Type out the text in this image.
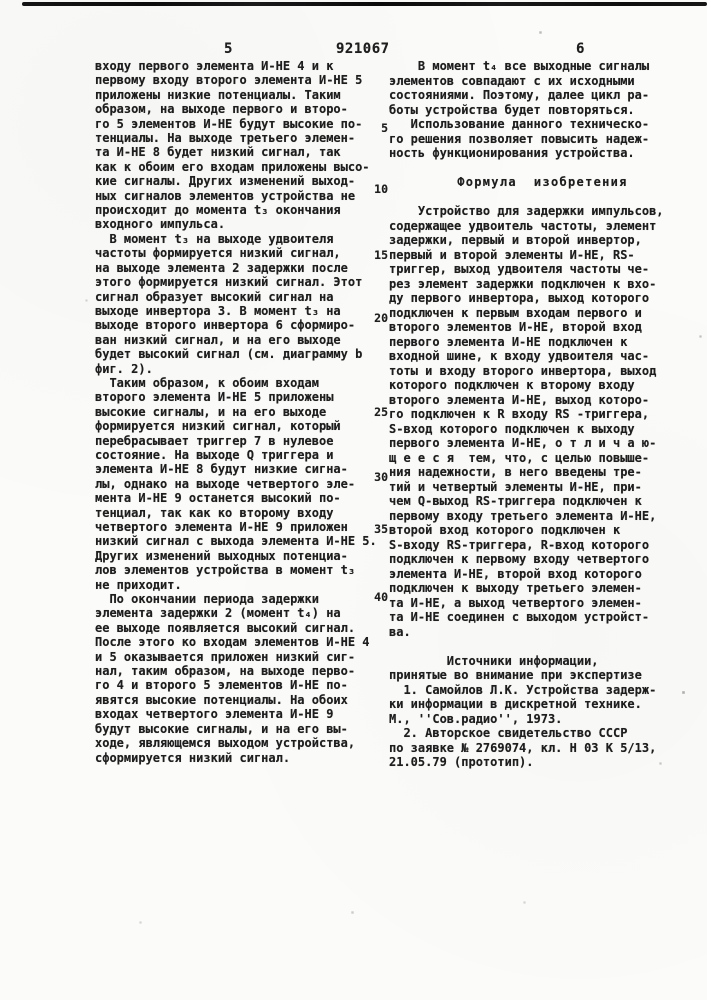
5	921067	6
входу первого элемента И-НЕ 4 и к
первому входу второго элемента И-НЕ 5
приложены низкие потенциалы. Таким
образом, на выходе первого и второ-
го 5 элементов И-НЕ будут высокие по-
тенциалы. На выходе третьего элемен-
та И-НЕ 8 будет низкий сигнал, так
как к обоим его входам приложены высо-
кие сигналы. Других изменений выход-
ных сигналов элементов устройства не
происходит до момента t₃ окончания
входного импульса.
В момент t₃ на выходе удвоителя
частоты формируется низкий сигнал,
на выходе элемента 2 задержки после
этого формируется низкий сигнал. Этот
сигнал образует высокий сигнал на
выходе инвертора 3. В момент t₃ на
выходе второго инвертора 6 сформиро-
ван низкий сигнал, и на его выходе
будет высокий сигнал (см. диаграмму b
фиг. 2).
Таким образом, к обоим входам
второго элемента И-НЕ 5 приложены
высокие сигналы, и на его выходе
формируется низкий сигнал, который
перебрасывает триггер 7 в нулевое
состояние. На выходе Q триггера и
элемента И-НЕ 8 будут низкие сигна-
лы, однако на выходе четвертого эле-
мента И-НЕ 9 останется высокий по-
тенциал, так как ко второму входу
четвертого элемента И-НЕ 9 приложен
низкий сигнал с выхода элемента И-НЕ 5.
Других изменений выходных потенциа-
лов элементов устройства в момент t₃
не приходит.
По окончании периода задержки
элемента задержки 2 (момент t₄) на
ее выходе появляется высокий сигнал.
После этого ко входам элементов И-НЕ 4
и 5 оказывается приложен низкий сиг-
нал, таким образом, на выходе перво-
го 4 и второго 5 элементов И-НЕ по-
явятся высокие потенциалы. На обоих
входах четвертого элемента И-НЕ 9
будут высокие сигналы, и на его вы-
ходе, являющемся выходом устройства,
сформируется низкий сигнал.
В момент t₄ все выходные сигналы
элементов совпадают с их исходными
состояниями. Поэтому, далее цикл ра-
боты устройства будет повторяться.
Использование данного техническо-
го решения позволяет повысить надеж-
ность функционирования устройства.
Формула  изобретения
Устройство для задержки импульсов,
содержащее удвоитель частоты, элемент
задержки, первый и второй инвертор,
первый и второй элементы И-НЕ, RS-
триггер, выход удвоителя частоты че-
рез элемент задержки подключен к вхо-
ду первого инвертора, выход которого
подключен к первым входам первого и
второго элементов И-НЕ, второй вход
первого элемента И-НЕ подключен к
входной шине, к входу удвоителя час-
тоты и входу второго инвертора, выход
которого подключен к второму входу
второго элемента И-НЕ, выход которо-
го подключен к R входу RS -триггера,
S-вход которого подключен к выходу
первого элемента И-НЕ, о т л и ч а ю-
щ е е с я  тем, что, с целью повыше-
ния надежности, в него введены тре-
тий и четвертый элементы И-НЕ, при-
чем Q-выход RS-триггера подключен к
первому входу третьего элемента И-НЕ,
второй вход которого подключен к
S-входу RS-триггера, R-вход которого
подключен к первому входу четвертого
элемента И-НЕ, второй вход которого
подключен к выходу третьего элемен-
та И-НЕ, а выход четвертого элемен-
та И-НЕ соединен с выходом устройст-
ва.
Источники информации,
принятые во внимание при экспертизе
1. Самойлов Л.К. Устройства задерж-
ки информации в дискретной технике.
М., ''Сов.радио'', 1973.
2. Авторское свидетельство СССР
по заявке № 2769074, кл. Н 03 К 5/13,
21.05.79 (прототип).
5
10
15
20
25
30
35
40
